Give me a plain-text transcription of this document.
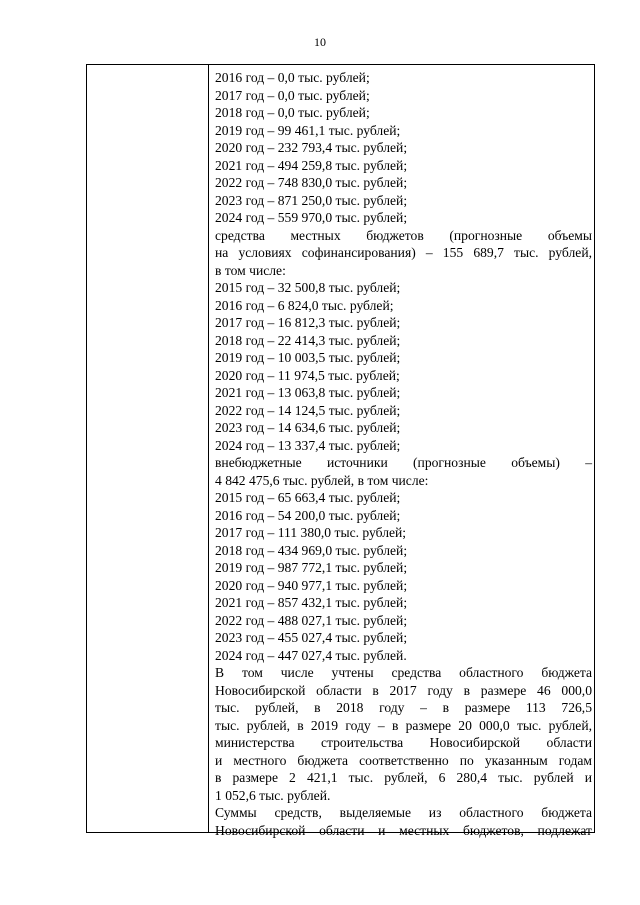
10
2016 год – 0,0 тыс. рублей;
2017 год – 0,0 тыс. рублей;
2018 год – 0,0 тыс. рублей;
2019 год – 99 461,1 тыс. рублей;
2020 год – 232 793,4 тыс. рублей;
2021 год – 494 259,8 тыс. рублей;
2022 год – 748 830,0 тыс. рублей;
2023 год – 871 250,0 тыс. рублей;
2024 год – 559 970,0 тыс. рублей;
средства местных бюджетов (прогнозные объемы
на условиях софинансирования) – 155 689,7 тыс. рублей,
в том числе:
2015 год – 32 500,8 тыс. рублей;
2016 год – 6 824,0 тыс. рублей;
2017 год – 16 812,3 тыс. рублей;
2018 год – 22 414,3 тыс. рублей;
2019 год – 10 003,5 тыс. рублей;
2020 год – 11 974,5 тыс. рублей;
2021 год – 13 063,8 тыс. рублей;
2022 год – 14 124,5 тыс. рублей;
2023 год – 14 634,6 тыс. рублей;
2024 год – 13 337,4 тыс. рублей;
внебюджетные источники (прогнозные объемы) –
4 842 475,6 тыс. рублей, в том числе:
2015 год – 65 663,4 тыс. рублей;
2016 год – 54 200,0 тыс. рублей;
2017 год – 111 380,0 тыс. рублей;
2018 год – 434 969,0 тыс. рублей;
2019 год – 987 772,1 тыс. рублей;
2020 год – 940 977,1 тыс. рублей;
2021 год – 857 432,1 тыс. рублей;
2022 год – 488 027,1 тыс. рублей;
2023 год – 455 027,4 тыс. рублей;
2024 год – 447 027,4 тыс. рублей.
В том числе учтены средства областного бюджета
Новосибирской области в 2017 году в размере 46 000,0
тыс. рублей, в 2018 году – в размере 113 726,5
тыс. рублей, в 2019 году – в размере 20 000,0 тыс. рублей,
министерства строительства Новосибирской области
и местного бюджета соответственно по указанным годам
в размере 2 421,1 тыс. рублей, 6 280,4 тыс. рублей и
1 052,6 тыс. рублей.
Суммы средств, выделяемые из областного бюджета
Новосибирской области и местных бюджетов, подлежат
